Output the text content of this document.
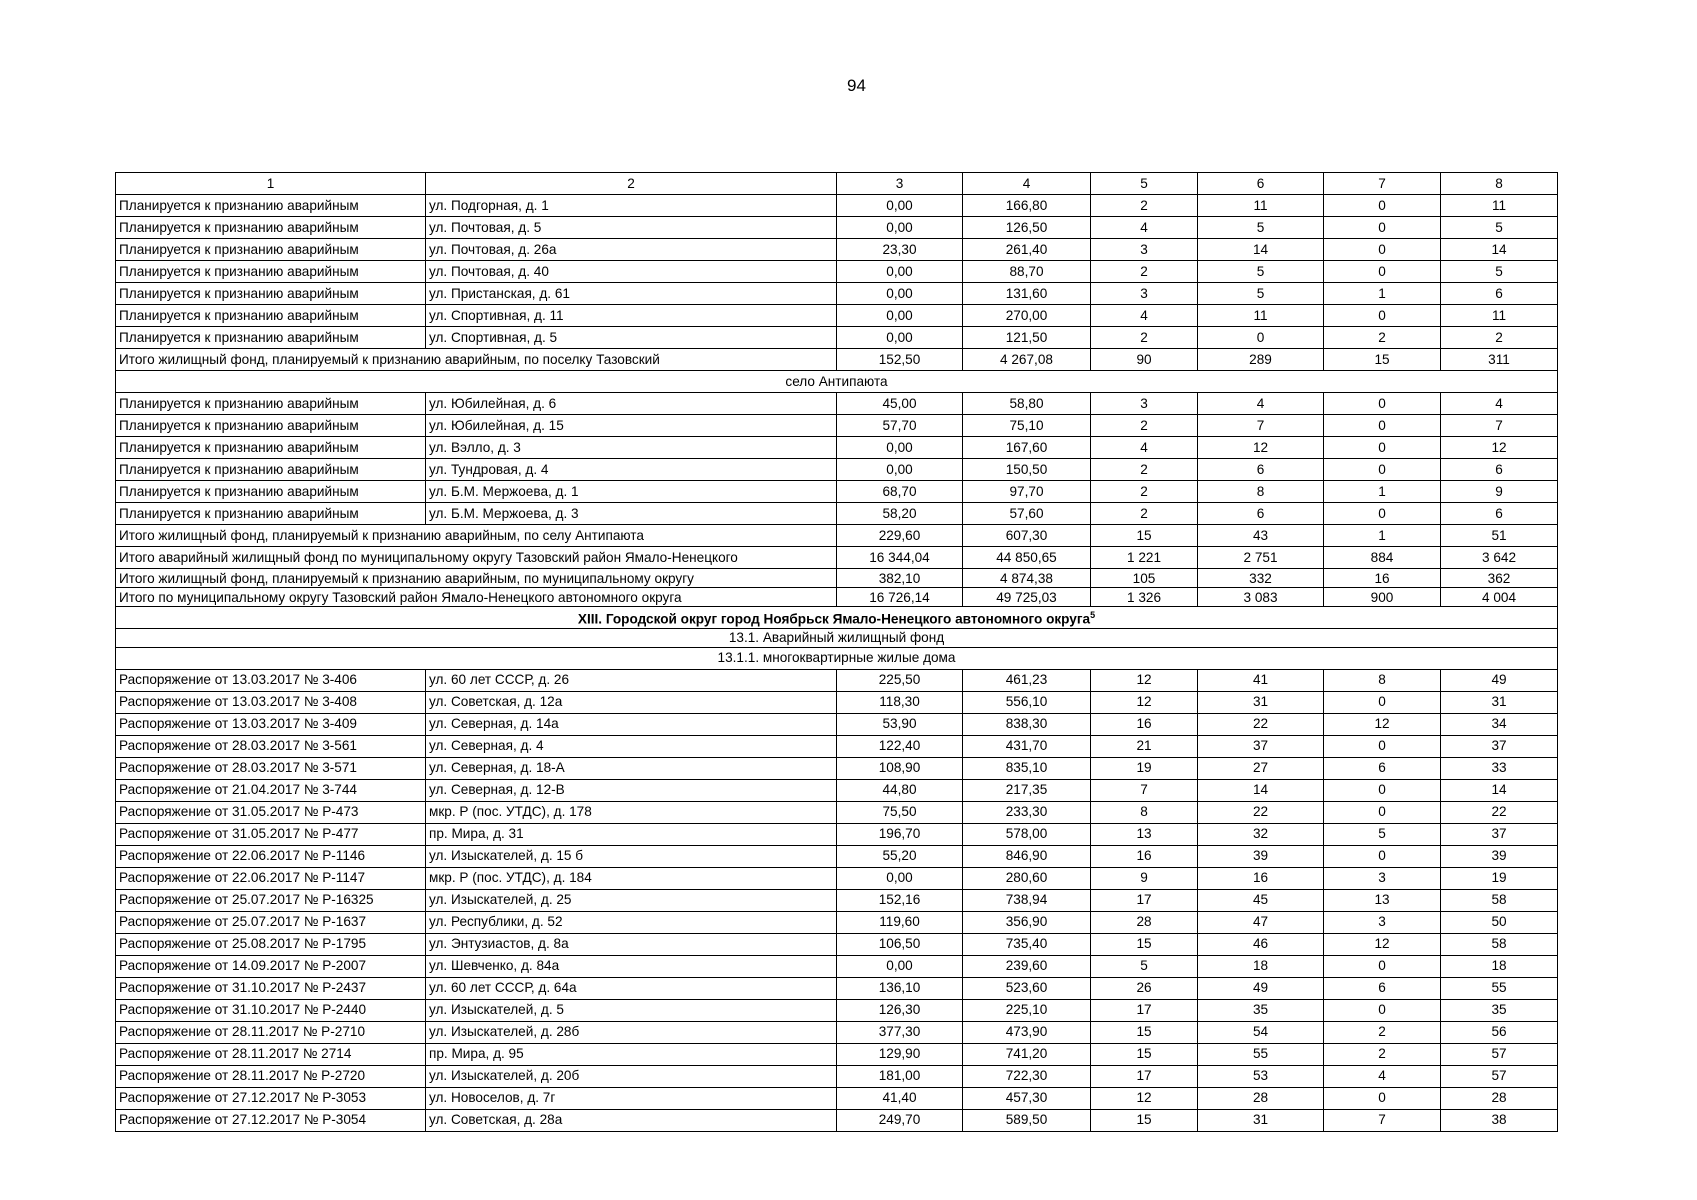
94
1	2	3	4	5	6	7	8
Планируется к признанию аварийным	ул. Подгорная, д. 1	0,00	166,80	2	11	0	11
Планируется к признанию аварийным	ул. Почтовая, д. 5	0,00	126,50	4	5	0	5
Планируется к признанию аварийным	ул. Почтовая, д. 26а	23,30	261,40	3	14	0	14
Планируется к признанию аварийным	ул. Почтовая, д. 40	0,00	88,70	2	5	0	5
Планируется к признанию аварийным	ул. Пристанская, д. 61	0,00	131,60	3	5	1	6
Планируется к признанию аварийным	ул. Спортивная, д. 11	0,00	270,00	4	11	0	11
Планируется к признанию аварийным	ул. Спортивная, д. 5	0,00	121,50	2	0	2	2
Итого жилищный фонд, планируемый к признанию аварийным, по поселку Тазовский		152,50	4 267,08	90	289	15	311
село Антипаюта							
Планируется к признанию аварийным	ул. Юбилейная, д. 6	45,00	58,80	3	4	0	4
Планируется к признанию аварийным	ул. Юбилейная, д. 15	57,70	75,10	2	7	0	7
Планируется к признанию аварийным	ул. Вэлло, д. 3	0,00	167,60	4	12	0	12
Планируется к признанию аварийным	ул. Тундровая, д. 4	0,00	150,50	2	6	0	6
Планируется к признанию аварийным	ул. Б.М. Мержоева, д. 1	68,70	97,70	2	8	1	9
Планируется к признанию аварийным	ул. Б.М. Мержоева, д. 3	58,20	57,60	2	6	0	6
Итого жилищный фонд, планируемый к признанию аварийным, по селу Антипаюта		229,60	607,30	15	43	1	51
Итого аварийный жилищный фонд по муниципальному округу Тазовский район Ямало-Ненецкого		16 344,04	44 850,65	1 221	2 751	884	3 642
Итого жилищный фонд, планируемый к признанию аварийным, по муниципальному округу		382,10	4 874,38	105	332	16	362
Итого по муниципальному округу Тазовский район Ямало-Ненецкого автономного округа		16 726,14	49 725,03	1 326	3 083	900	4 004
XIII. Городской округ город Ноябрьск Ямало-Ненецкого автономного округа$^5$
13.1. Аварийный жилищный фонд							
13.1.1. многоквартирные жилые дома							
Распоряжение от 13.03.2017 № 3-406	ул. 60 лет СССР, д. 26	225,50	461,23	12	41	8	49
Распоряжение от 13.03.2017 № 3-408	ул. Советская, д. 12а	118,30	556,10	12	31	0	31
Распоряжение от 13.03.2017 № 3-409	ул. Северная, д. 14а	53,90	838,30	16	22	12	34
Распоряжение от 28.03.2017 № 3-561	ул. Северная, д. 4	122,40	431,70	21	37	0	37
Распоряжение от 28.03.2017 № 3-571	ул. Северная, д. 18-А	108,90	835,10	19	27	6	33
Распоряжение от 21.04.2017 № 3-744	ул. Северная, д. 12-В	44,80	217,35	7	14	0	14
Распоряжение от 31.05.2017 № Р-473	мкр. Р (пос. УТДС), д. 178	75,50	233,30	8	22	0	22
Распоряжение от 31.05.2017 № Р-477	пр. Мира, д. 31	196,70	578,00	13	32	5	37
Распоряжение от 22.06.2017 № Р-1146	ул. Изыскателей, д. 15 б	55,20	846,90	16	39	0	39
Распоряжение от 22.06.2017 № Р-1147	мкр. Р (пос. УТДС), д. 184	0,00	280,60	9	16	3	19
Распоряжение от 25.07.2017 № Р-16325	ул. Изыскателей, д. 25	152,16	738,94	17	45	13	58
Распоряжение от 25.07.2017 № Р-1637	ул. Республики, д. 52	119,60	356,90	28	47	3	50
Распоряжение от 25.08.2017 № Р-1795	ул. Энтузиастов, д. 8а	106,50	735,40	15	46	12	58
Распоряжение от 14.09.2017 № Р-2007	ул. Шевченко, д. 84а	0,00	239,60	5	18	0	18
Распоряжение от 31.10.2017 № Р-2437	ул. 60 лет СССР, д. 64а	136,10	523,60	26	49	6	55
Распоряжение от 31.10.2017 № Р-2440	ул. Изыскателей, д. 5	126,30	225,10	17	35	0	35
Распоряжение от 28.11.2017 № Р-2710	ул. Изыскателей, д. 28б	377,30	473,90	15	54	2	56
Распоряжение от 28.11.2017 № 2714	пр. Мира, д. 95	129,90	741,20	15	55	2	57
Распоряжение от 28.11.2017 № Р-2720	ул. Изыскателей, д. 20б	181,00	722,30	17	53	4	57
Распоряжение от 27.12.2017 № Р-3053	ул. Новоселов, д. 7г	41,40	457,30	12	28	0	28
Распоряжение от 27.12.2017 № Р-3054	ул. Советская, д. 28а	249,70	589,50	15	31	7	38
